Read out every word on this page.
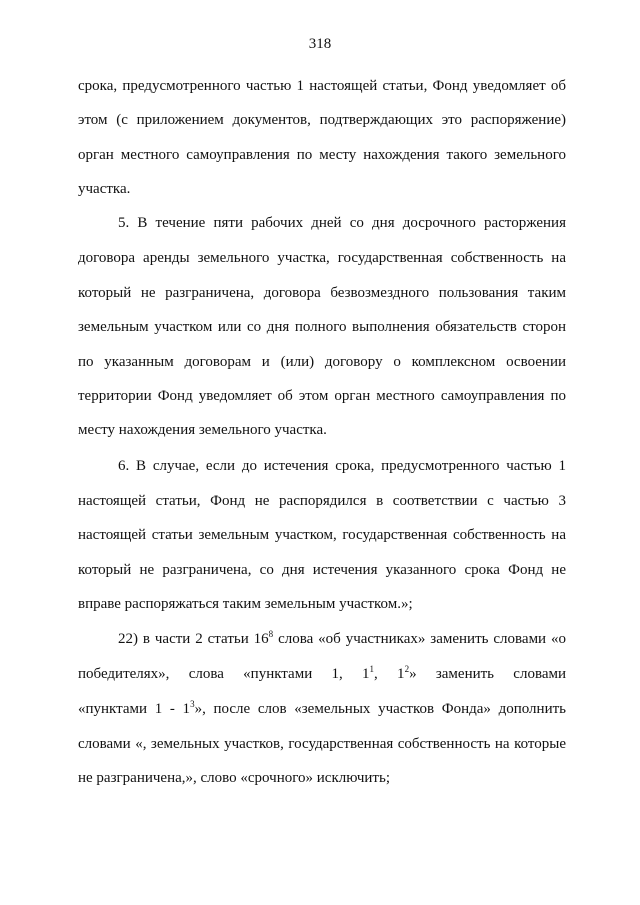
318
срока, предусмотренного частью 1 настоящей статьи, Фонд уведомляет об
этом (с приложением документов, подтверждающих это распоряжение)
орган местного самоуправления по месту нахождения такого земельного
участка.
5. В течение пяти рабочих дней со дня досрочного расторжения
договора аренды земельного участка, государственная собственность на
который не разграничена, договора безвозмездного пользования таким
земельным участком или со дня полного выполнения обязательств сторон
по указанным договорам и (или) договору о комплексном освоении
территории Фонд уведомляет об этом орган местного самоуправления по
месту нахождения земельного участка.
6. В случае, если до истечения срока, предусмотренного частью 1
настоящей статьи, Фонд не распорядился в соответствии с частью 3
настоящей статьи земельным участком, государственная собственность на
который не разграничена, со дня истечения указанного срока Фонд не
вправе распоряжаться таким земельным участком.»;
22) в части 2 статьи $16^8$ слова «об участниках» заменить словами «о
победителях», слова «пунктами 1, $1^1$, $1^2$» заменить словами
«пунктами $1 - 1^3$», после слов «земельных участков Фонда» дополнить
словами «, земельных участков, государственная собственность на которые
не разграничена,», слово «срочного» исключить;
